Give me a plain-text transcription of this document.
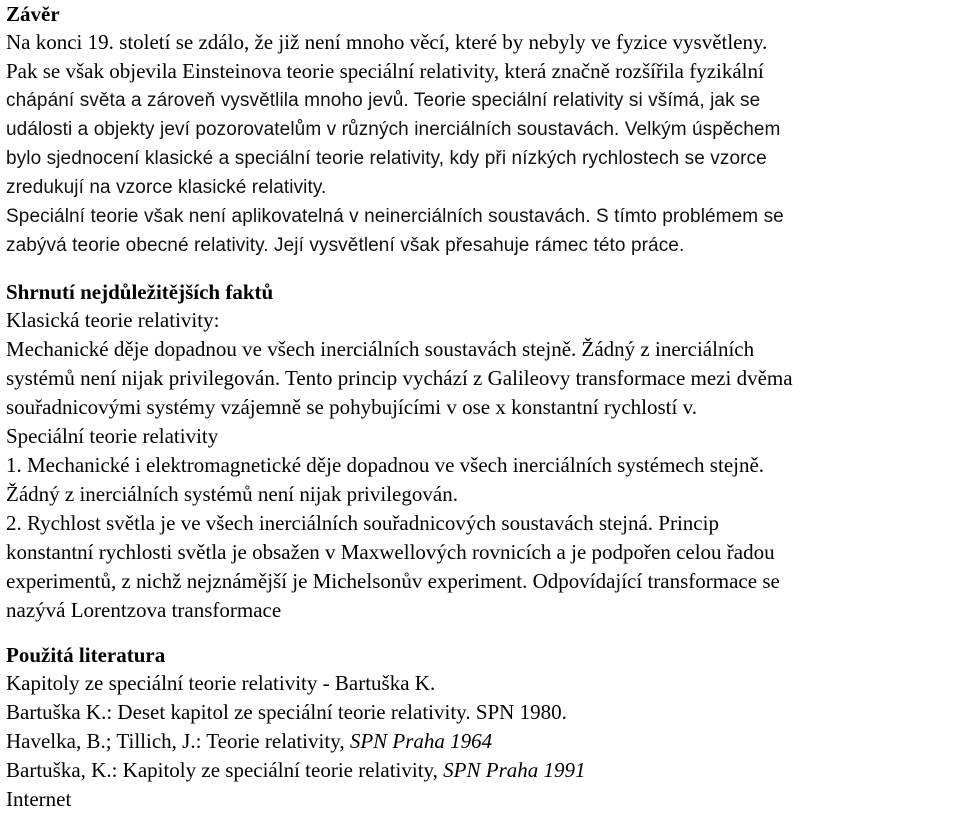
Závěr

Na konci 19. století se zdálo, že již není mnoho věcí, které by nebyly ve fyzice vysvětleny.

Pak se však objevila Einsteinova teorie speciální relativity, která značně rozšířila fyzikální

chápání světa a zároveň vysvětlila mnoho jevů. Teorie speciální relativity si všímá, jak se

události a objekty jeví pozorovatelům v různých inerciálních soustavách. Velkým úspěchem

bylo sjednocení klasické a speciální teorie relativity, kdy při nízkých rychlostech se vzorce

zredukují na vzorce klasické relativity.

Speciální teorie však není aplikovatelná v neinerciálních soustavách. S tímto problémem se

zabývá teorie obecné relativity. Její vysvětlení však přesahuje rámec této práce.

Shrnutí nejdůležitějších faktů

Klasická teorie relativity:

Mechanické děje dopadnou ve všech inerciálních soustavách stejně. Žádný z inerciálních

systémů není nijak privilegován. Tento princip vychází z Galileovy transformace mezi dvěma

souřadnicovými systémy vzájemně se pohybujícími v ose x konstantní rychlostí v.

Speciální teorie relativity

1. Mechanické i elektromagnetické děje dopadnou ve všech inerciálních systémech stejně.

Žádný z inerciálních systémů není nijak privilegován.

2. Rychlost světla je ve všech inerciálních souřadnicových soustavách stejná. Princip

konstantní rychlosti světla je obsažen v Maxwellových rovnicích a je podpořen celou řadou

experimentů, z nichž nejznámější je Michelsonův experiment. Odpovídající transformace se

nazývá Lorentzova transformace

Použitá literatura

Kapitoly ze speciální teorie relativity - Bartuška K.

Bartuška K.: Deset kapitol ze speciální teorie relativity. SPN 1980.

Havelka, B.; Tillich, J.: Teorie relativity, SPN Praha 1964

Bartuška, K.: Kapitoly ze speciální teorie relativity, SPN Praha 1991

Internet
